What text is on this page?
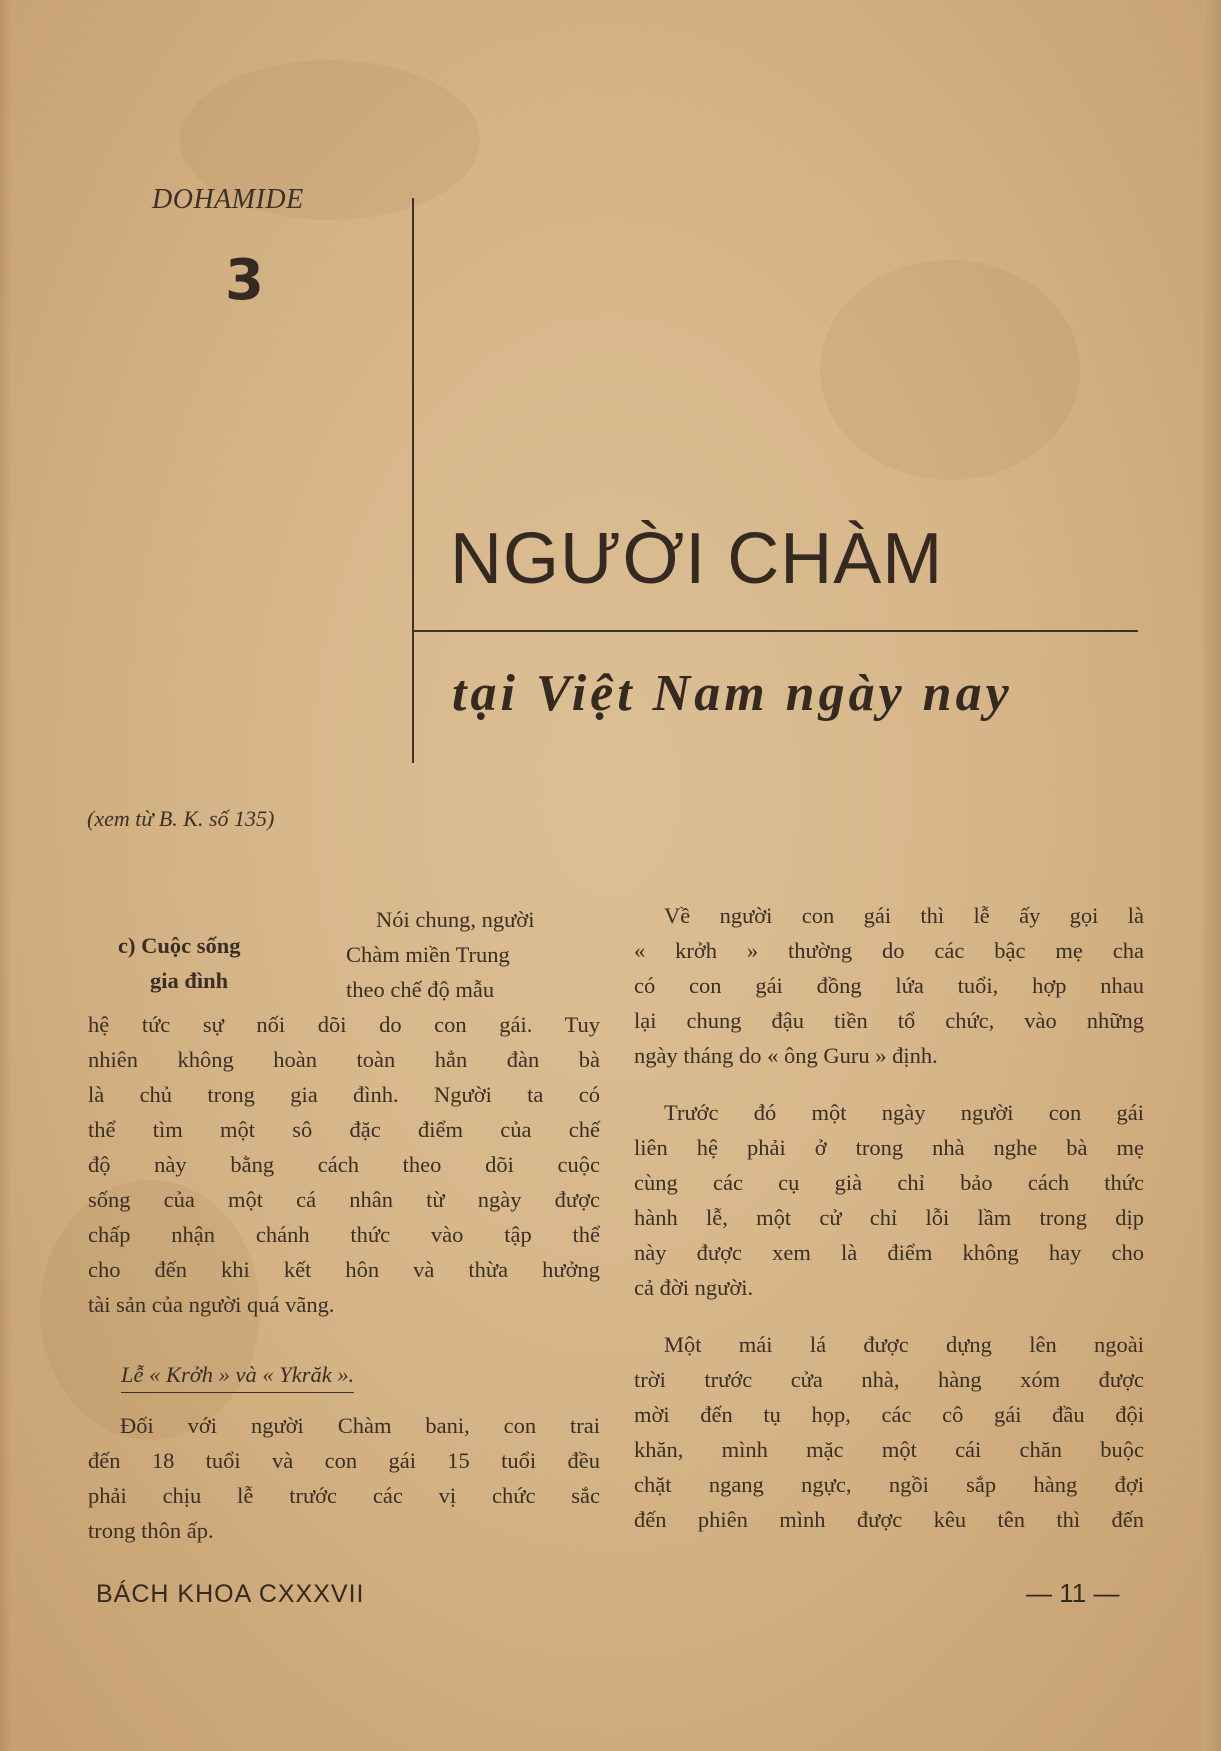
DOHAMIDE
3
NGƯỜI CHÀM
tại Việt Nam ngày nay
(xem từ B. K. số 135)
Nói chung, người
Chàm miền Trung
theo chế độ mẫu
c) Cuộc sống
gia đình
hệ tức sự nối dõi do con gái. Tuy
nhiên không hoàn toàn hẳn đàn bà
là chủ trong gia đình. Người ta có
thể tìm một sô đặc điểm của chế
độ này bằng cách theo dõi cuộc
sống của một cá nhân từ ngày được
chấp nhận chánh thức vào tập thể
cho đến khi kết hôn và thừa hưởng
tài sản của người quá vãng.
Lễ « Krởh » và « Ykrăk ».
Đối với người Chàm bani, con trai
đến 18 tuổi và con gái 15 tuổi đều
phải chịu lễ trước các vị chức sắc
trong thôn ấp.
Về người con gái thì lễ ấy gọi là
« krởh » thường do các bậc mẹ cha
có con gái đồng lứa tuổi, hợp nhau
lại chung đậu tiền tổ chức, vào những
ngày tháng do « ông Guru » định.
Trước đó một ngày người con gái
liên hệ phải ở trong nhà nghe bà mẹ
cùng các cụ già chỉ bảo cách thức
hành lễ, một cử chỉ lỗi lầm trong dịp
này được xem là điểm không hay cho
cả đời người.
Một mái lá được dựng lên ngoài
trời trước cửa nhà, hàng xóm được
mời đến tụ họp, các cô gái đầu đội
khăn, mình mặc một cái chăn buộc
chặt ngang ngực, ngồi sắp hàng đợi
đến phiên mình được kêu tên thì đến
BÁCH KHOA CXXXVII	— 11 —
